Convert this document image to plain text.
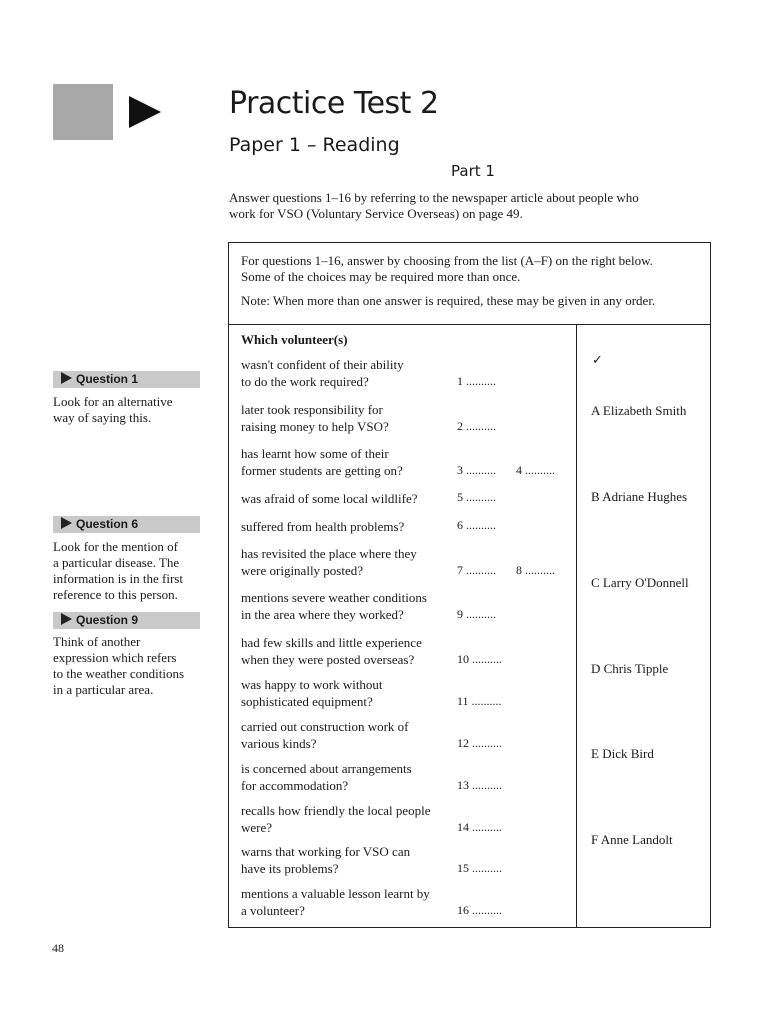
Practice Test 2
Paper 1 – Reading
Part 1
Answer questions 1–16 by referring to the newspaper article about people who
work for VSO (Voluntary Service Overseas) on page 49.
Question 1
Look for an alternative
way of saying this.
Question 6
Look for the mention of
a particular disease. The
information is in the first
reference to this person.
Question 9
Think of another
expression which refers
to the weather conditions
in a particular area.
For questions 1–16, answer by choosing from the list (A–F) on the right below.
Some of the choices may be required more than once.
Note: When more than one answer is required, these may be given in any order.
Which volunteer(s)
wasn't confident of their ability
to do the work required?	1 ..........
later took responsibility for
raising money to help VSO?	2 ..........
has learnt how some of their
former students are getting on?	3 .......... 4 ..........
was afraid of some local wildlife?	5 ..........
suffered from health problems?	6 ..........
has revisited the place where they
were originally posted?	7 .......... 8 ..........
mentions severe weather conditions
in the area where they worked?	9 ..........
had few skills and little experience
when they were posted overseas?	10 ..........
was happy to work without
sophisticated equipment?	11 ..........
carried out construction work of
various kinds?	12 ..........
is concerned about arrangements
for accommodation?	13 ..........
recalls how friendly the local people
were?	14 ..........
warns that working for VSO can
have its problems?	15 ..........
mentions a valuable lesson learnt by
a volunteer?	16 ..........
✓
A Elizabeth Smith
B Adriane Hughes
C Larry O'Donnell
D Chris Tipple
E Dick Bird
F Anne Landolt
48
